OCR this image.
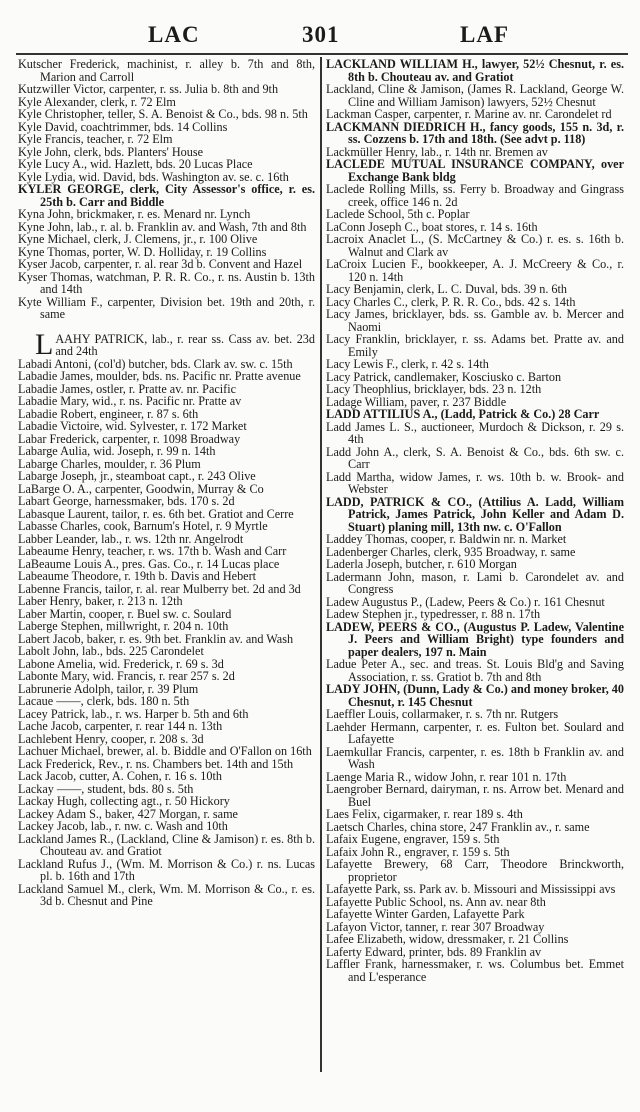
LAC	301	LAF
Kutscher Frederick, machinist, r. alley b. 7th and 8th, Marion and Carroll
Kutzwiller Victor, carpenter, r. ss. Julia b. 8th and 9th
Kyle Alexander, clerk, r. 72 Elm
Kyle Christopher, teller, S. A. Benoist & Co., bds. 98 n. 5th
Kyle David, coachtrimmer, bds. 14 Collins
Kyle Francis, teacher, r. 72 Elm
Kyle John, clerk, bds. Planters' House
Kyle Lucy A., wid. Hazlett, bds. 20 Lucas Place
Kyle Lydia, wid. David, bds. Washington av. se. c. 16th
KYLER GEORGE, clerk, City Assessor's office, r. es. 25th b. Carr and Biddle
Kyna John, brickmaker, r. es. Menard nr. Lynch
Kyne John, lab., r. al. b. Franklin av. and Wash, 7th and 8th
Kyne Michael, clerk, J. Clemens, jr., r. 100 Olive
Kyne Thomas, porter, W. D. Holliday, r. 19 Collins
Kyser Jacob, carpenter, r. al. rear 3d b. Convent and Hazel
Kyser Thomas, watchman, P. R. R. Co., r. ns. Austin b. 13th and 14th
Kyte William F., carpenter, Division bet. 19th and 20th, r. same
LAAHY PATRICK, lab., r. rear ss. Cass av. bet. 23d and 24th
Labadi Antoni, (col'd) butcher, bds. Clark av. sw. c. 15th
Labadie James, moulder, bds. ns. Pacific nr. Pratte avenue
Labadie James, ostler, r. Pratte av. nr. Pacific
Labadie Mary, wid., r. ns. Pacific nr. Pratte av
Labadie Robert, engineer, r. 87 s. 6th
Labadie Victoire, wid. Sylvester, r. 172 Market
Labar Frederick, carpenter, r. 1098 Broadway
Labarge Aulia, wid. Joseph, r. 99 n. 14th
Labarge Charles, moulder, r. 36 Plum
Labarge Joseph, jr., steamboat capt., r. 243 Olive
LaBarge O. A., carpenter, Goodwin, Murray & Co
Labart George, harnessmaker, bds. 170 s. 2d
Labasque Laurent, tailor, r. es. 6th bet. Gratiot and Cerre
Labasse Charles, cook, Barnum's Hotel, r. 9 Myrtle
Labber Leander, lab., r. ws. 12th nr. Angelrodt
Labeaume Henry, teacher, r. ws. 17th b. Wash and Carr
LaBeaume Louis A., pres. Gas. Co., r. 14 Lucas place
Labeaume Theodore, r. 19th b. Davis and Hebert
Labenne Francis, tailor, r. al. rear Mulberry bet. 2d and 3d
Laber Henry, baker, r. 213 n. 12th
Laber Martin, cooper, r. Buel sw. c. Soulard
Laberge Stephen, millwright, r. 204 n. 10th
Labert Jacob, baker, r. es. 9th bet. Franklin av. and Wash
Labolt John, lab., bds. 225 Carondelet
Labone Amelia, wid. Frederick, r. 69 s. 3d
Labonte Mary, wid. Francis, r. rear 257 s. 2d
Labrunerie Adolph, tailor, r. 39 Plum
Lacaue ——, clerk, bds. 180 n. 5th
Lacey Patrick, lab., r. ws. Harper b. 5th and 6th
Lache Jacob, carpenter, r. rear 144 n. 13th
Lachlebent Henry, cooper, r. 208 s. 3d
Lachuer Michael, brewer, al. b. Biddle and O'Fallon on 16th
Lack Frederick, Rev., r. ns. Chambers bet. 14th and 15th
Lack Jacob, cutter, A. Cohen, r. 16 s. 10th
Lackay ——, student, bds. 80 s. 5th
Lackay Hugh, collecting agt., r. 50 Hickory
Lackey Adam S., baker, 427 Morgan, r. same
Lackey Jacob, lab., r. nw. c. Wash and 10th
Lackland James R., (Lackland, Cline & Jamison) r. es. 8th b. Chouteau av. and Gratiot
Lackland Rufus J., (Wm. M. Morrison & Co.) r. ns. Lucas pl. b. 16th and 17th
Lackland Samuel M., clerk, Wm. M. Morrison & Co., r. es. 3d b. Chesnut and Pine
LACKLAND WILLIAM H., lawyer, 52½ Chesnut, r. es. 8th b. Chouteau av. and Gratiot
Lackland, Cline & Jamison, (James R. Lackland, George W. Cline and William Jamison) lawyers, 52½ Chesnut
Lackman Casper, carpenter, r. Marine av. nr. Carondelet rd
LACKMANN DIEDRICH H., fancy goods, 155 n. 3d, r. ss. Cozzens b. 17th and 18th. (See advt p. 118)
Lackmüller Henry, lab., r. 14th nr. Bremen av
LACLEDE MUTUAL INSURANCE COMPANY, over Exchange Bank bldg
Laclede Rolling Mills, ss. Ferry b. Broadway and Gingrass creek, office 146 n. 2d
Laclede School, 5th c. Poplar
LaConn Joseph C., boat stores, r. 14 s. 16th
Lacroix Anaclet L., (S. McCartney & Co.) r. es. s. 16th b. Walnut and Clark av
LaCroix Lucien F., bookkeeper, A. J. McCreery & Co., r. 120 n. 14th
Lacy Benjamin, clerk, L. C. Duval, bds. 39 n. 6th
Lacy Charles C., clerk, P. R. R. Co., bds. 42 s. 14th
Lacy James, bricklayer, bds. ss. Gamble av. b. Mercer and Naomi
Lacy Franklin, bricklayer, r. ss. Adams bet. Pratte av. and Emily
Lacy Lewis F., clerk, r. 42 s. 14th
Lacy Patrick, candlemaker, Kosciusko c. Barton
Lacy Theophlius, bricklayer, bds. 23 n. 12th
Ladage William, paver, r. 237 Biddle
LADD ATTILIUS A., (Ladd, Patrick & Co.) 28 Carr
Ladd James L. S., auctioneer, Murdoch & Dickson, r. 29 s. 4th
Ladd John A., clerk, S. A. Benoist & Co., bds. 6th sw. c. Carr
Ladd Martha, widow James, r. ws. 10th b. w. Brook- and Webster
LADD, PATRICK & CO., (Attilius A. Ladd, William Patrick, James Patrick, John Keller and Adam D. Stuart) planing mill, 13th nw. c. O'Fallon
Laddey Thomas, cooper, r. Baldwin nr. n. Market
Ladenberger Charles, clerk, 935 Broadway, r. same
Laderla Joseph, butcher, r. 610 Morgan
Ladermann John, mason, r. Lami b. Carondelet av. and Congress
Ladew Augustus P., (Ladew, Peers & Co.) r. 161 Chesnut
Ladew Stephen jr., typedresser, r. 88 n. 17th
LADEW, PEERS & CO., (Augustus P. Ladew, Valentine J. Peers and William Bright) type founders and paper dealers, 197 n. Main
Ladue Peter A., sec. and treas. St. Louis Bld'g and Saving Association, r. ss. Gratiot b. 7th and 8th
LADY JOHN, (Dunn, Lady & Co.) and money broker, 40 Chesnut, r. 145 Chesnut
Laeffler Louis, collarmaker, r. s. 7th nr. Rutgers
Laehder Hermann, carpenter, r. es. Fulton bet. Soulard and Lafayette
Laemkullar Francis, carpenter, r. es. 18th b Franklin av. and Wash
Laenge Maria R., widow John, r. rear 101 n. 17th
Laengrober Bernard, dairyman, r. ns. Arrow bet. Menard and Buel
Laes Felix, cigarmaker, r. rear 189 s. 4th
Laetsch Charles, china store, 247 Franklin av., r. same
Lafaix Eugene, engraver, 159 s. 5th
Lafaix John R., engraver, r. 159 s. 5th
Lafayette Brewery, 68 Carr, Theodore Brinckworth, proprietor
Lafayette Park, ss. Park av. b. Missouri and Mississippi avs
Lafayette Public School, ns. Ann av. near 8th
Lafayette Winter Garden, Lafayette Park
Lafayon Victor, tanner, r. rear 307 Broadway
Lafee Elizabeth, widow, dressmaker, r. 21 Collins
Laferty Edward, printer, bds. 89 Franklin av
Laffler Frank, harnessmaker, r. ws. Columbus bet. Emmet and L'esperance
